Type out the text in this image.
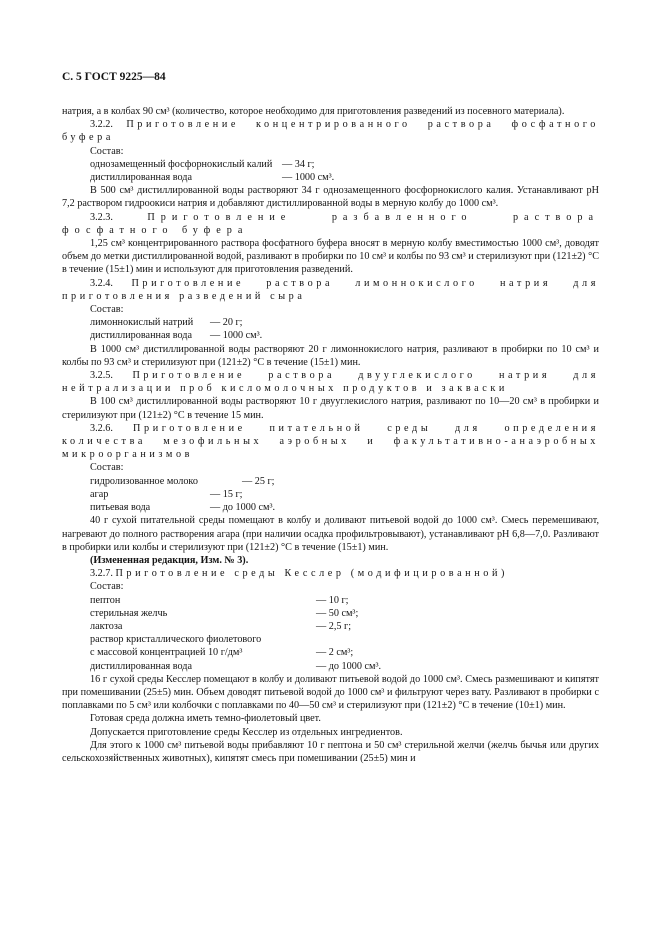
С. 5 ГОСТ 9225—84

натрия, а в колбах 90 см³ (количество, которое необходимо для приготовления разведений из посевного материала).

3.2.2. Приготовление концентрированного раствора фосфатного буфера

Состав:

однозамещенный фосфорнокислый калий — 34 г;
дистиллированная вода	— 1000 см³.

В 500 см³ дистиллированной воды растворяют 34 г однозамещенного фосфорнокислого калия. Устанавливают рН 7,2 раствором гидроокиси натрия и добавляют дистиллированной воды в мерную колбу до 1000 см³.

3.2.3.	Приготовление разбавленного раствора фосфатного буфера

1,25 см³ концентрированного раствора фосфатного буфера вносят в мерную колбу вместимостью 1000 см³, доводят объем до метки дистиллированной водой, разливают в пробирки по 10 см³ и колбы по 93 см³ и стерилизуют при (121±2) °С в течение (15±1) мин и используют для приготовления разведений.

3.2.4. Приготовление раствора лимоннокислого натрия для приготовления разведений сыра

Состав:

лимоннокислый натрий	— 20 г;
дистиллированная вода	— 1000 см³.

В 1000 см³ дистиллированной воды растворяют 20 г лимоннокислого натрия, разливают в пробирки по 10 см³ и колбы по 93 см³ и стерилизуют при (121±2) °С в течение (15±1) мин.

3.2.5. Приготовление раствора двууглекислого натрия для нейтрализации проб кисломолочных продуктов и закваски

В 100 см³ дистиллированной воды растворяют 10 г двууглекислого натрия, разливают по 10—20 см³ в пробирки и стерилизуют при (121±2) °С в течение 15 мин.

3.2.6. Приготовление питательной среды для определения количества мезофильных аэробных и факультативно-анаэробных микроорганизмов

Состав:

гидролизованное молоко	— 25 г;
агар	— 15 г;
питьевая вода	— до 1000 см³.

40 г сухой питательной среды помещают в колбу и доливают питьевой водой до 1000 см³. Смесь перемешивают, нагревают до полного растворения агара (при наличии осадка профильтровывают), устанавливают рН 6,8—7,0. Разливают в пробирки или колбы и стерилизуют при (121±2) °С в течение (15±1) мин.

(Измененная редакция, Изм. № 3).

3.2.7. Приготовление среды Кесслер (модифицированной)

Состав:

пептон	— 10 г;
стерильная желчь	— 50 см³;
лактоза	— 2,5 г;
раствор кристаллического фиолетового
с массовой концентрацией 10 г/дм³	— 2 см³;
дистиллированная вода	— до 1000 см³.

16 г сухой среды Кесслер помещают в колбу и доливают питьевой водой до 1000 см³. Смесь размешивают и кипятят при помешивании (25±5) мин. Объем доводят питьевой водой до 1000 см³ и фильтруют через вату. Разливают в пробирки с поплавками по 5 см³ или колбочки с поплавками по 40—50 см³ и стерилизуют при (121±2) °С в течение (10±1) мин.

Готовая среда должна иметь темно-фиолетовый цвет.

Допускается приготовление среды Кесслер из отдельных ингредиентов.

Для этого к 1000 см³ питьевой воды прибавляют 10 г пептона и 50 см³ стерильной желчи (желчь бычья или других сельскохозяйственных животных), кипятят смесь при помешивании (25±5) мин и
